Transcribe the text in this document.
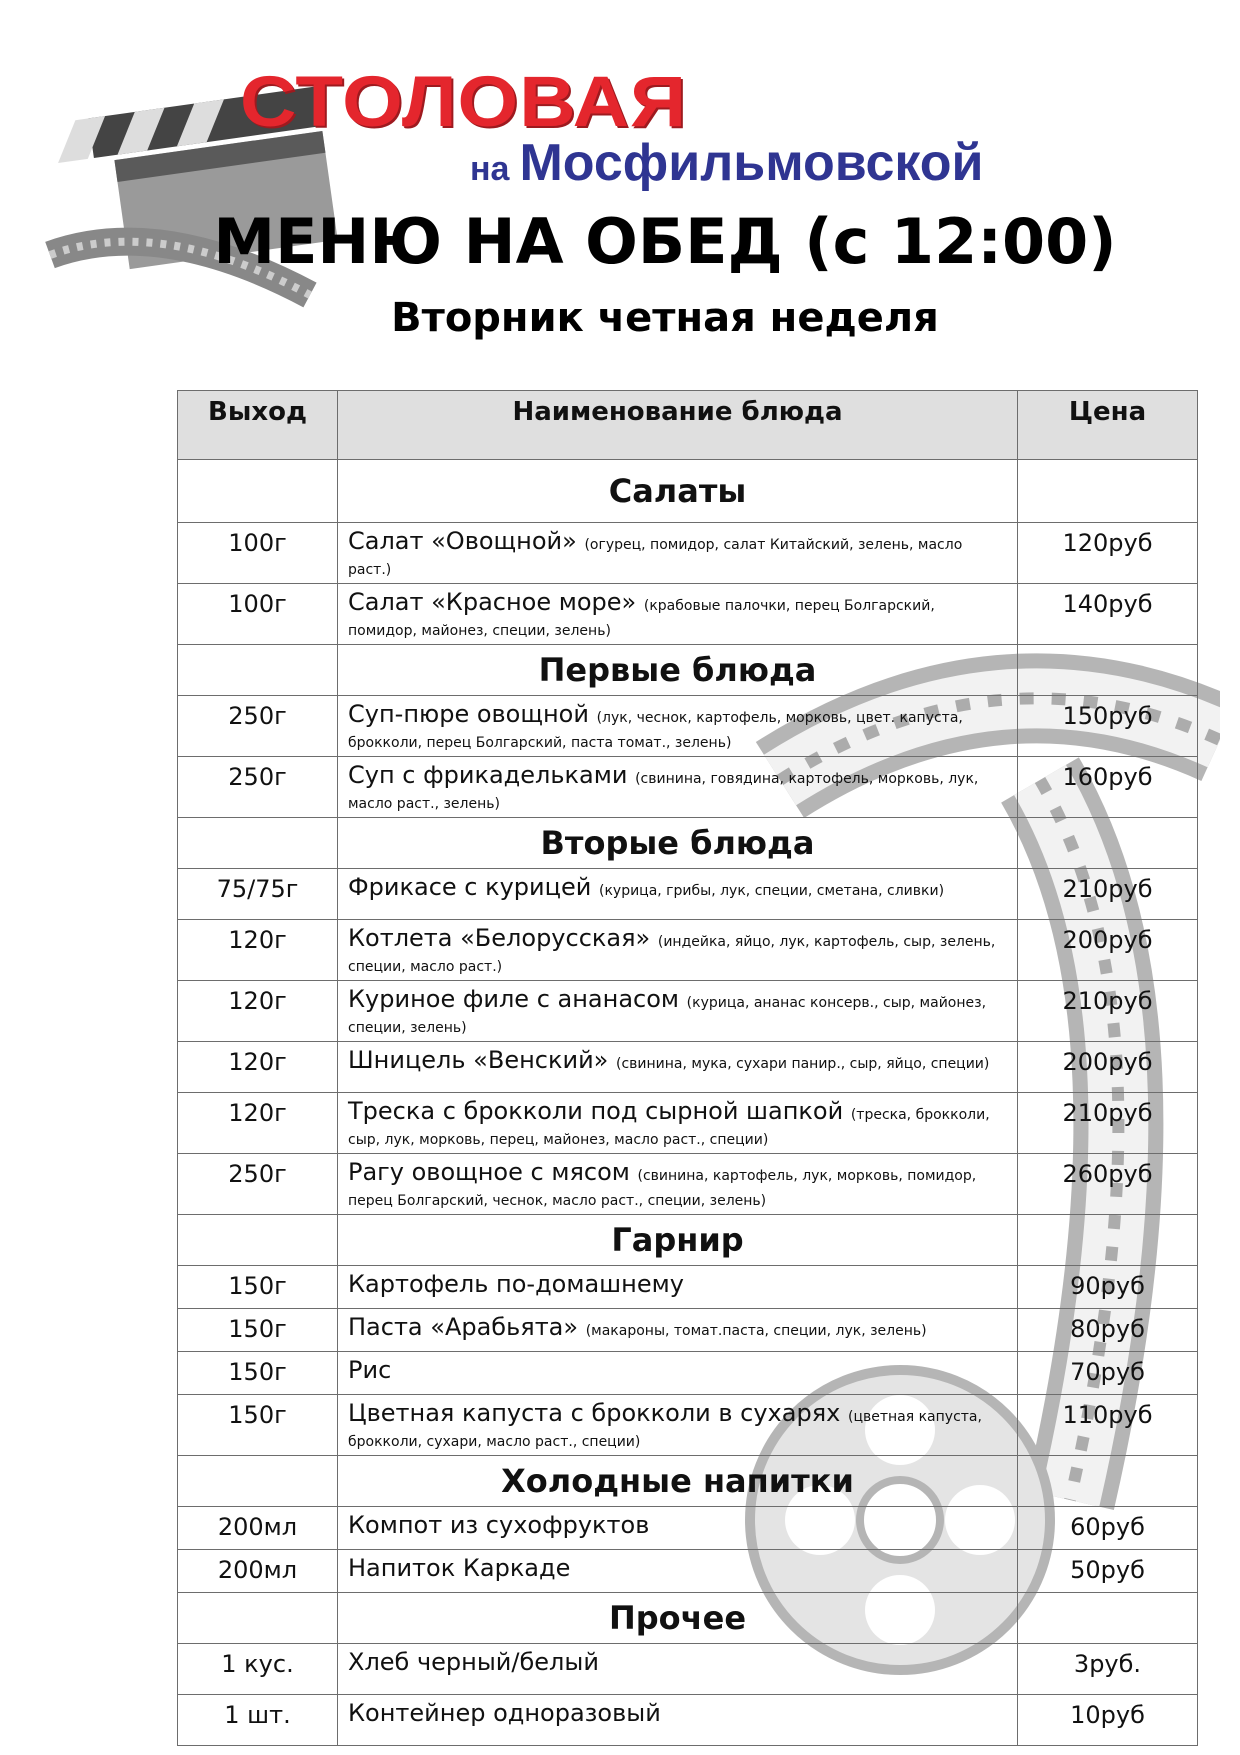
СТОЛОВАЯ
на Мосфильмовской
МЕНЮ НА ОБЕД (с 12:00)
Вторник четная неделя
Выход	Наименование блюда	Цена
	Салаты	
100г	Салат «Овощной» (огурец, помидор, салат Китайский, зелень, масло раст.)	120руб
100г	Салат «Красное море» (крабовые палочки, перец Болгарский, помидор, майонез, специи, зелень)	140руб
	Первые блюда	
250г	Суп-пюре овощной (лук, чеснок, картофель, морковь, цвет. капуста, брокколи, перец Болгарский, паста томат., зелень)	150руб
250г	Суп с фрикадельками (свинина, говядина, картофель, морковь, лук, масло раст., зелень)	160руб
	Вторые блюда	
75/75г	Фрикасе с курицей (курица, грибы, лук, специи, сметана, сливки)	210руб
120г	Котлета «Белорусская» (индейка, яйцо, лук, картофель, сыр, зелень, специи, масло раст.)	200руб
120г	Куриное филе с ананасом (курица, ананас консерв., сыр, майонез, специи, зелень)	210руб
120г	Шницель «Венский» (свинина, мука, сухари панир., сыр, яйцо, специи)	200руб
120г	Треска с брокколи под сырной шапкой (треска, брокколи, сыр, лук, морковь, перец, майонез, масло раст., специи)	210руб
250г	Рагу овощное с мясом (свинина, картофель, лук, морковь, помидор, перец Болгарский, чеснок, масло раст., специи, зелень)	260руб
	Гарнир	
150г	Картофель по-домашнему	90руб
150г	Паста «Арабьята» (макароны, томат.паста, специи, лук, зелень)	80руб
150г	Рис	70руб
150г	Цветная капуста с брокколи в сухарях (цветная капуста, брокколи, сухари, масло раст., специи)	110руб
	Холодные напитки	
200мл	Компот из сухофруктов	60руб
200мл	Напиток Каркаде	50руб
	Прочее	
1 кус.	Хлеб черный/белый	3руб.
1 шт.	Контейнер одноразовый	10руб
